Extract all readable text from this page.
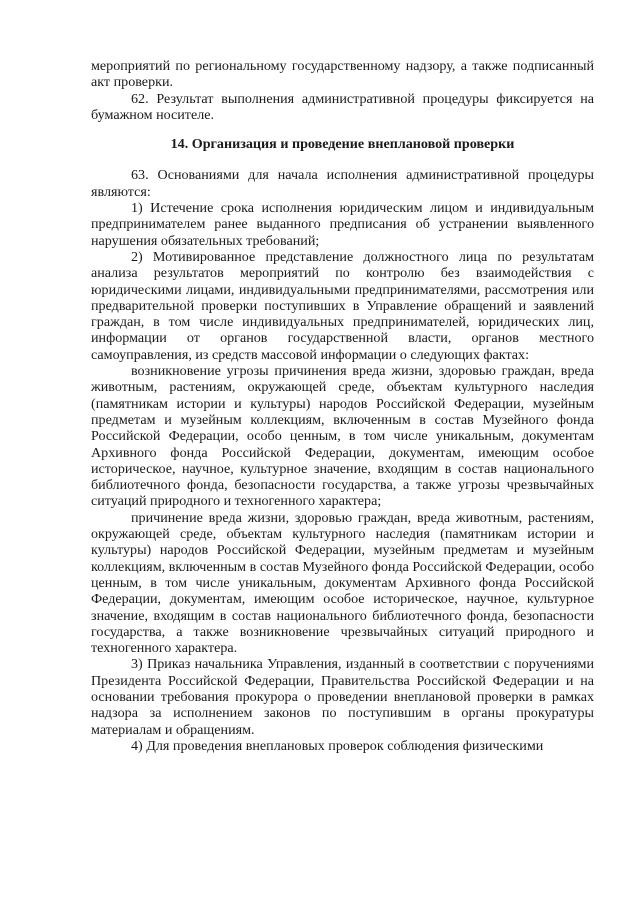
мероприятий по региональному государственному надзору, а также подписанный акт проверки.

62. Результат выполнения административной процедуры фиксируется на бумажном носителе.

14. Организация и проведение внеплановой проверки

63. Основаниями для начала исполнения административной процедуры являются:

1) Истечение срока исполнения юридическим лицом и индивидуальным предпринимателем ранее выданного предписания об устранении выявленного нарушения обязательных требований;

2) Мотивированное представление должностного лица по результатам анализа результатов мероприятий по контролю без взаимодействия с юридическими лицами, индивидуальными предпринимателями, рассмотрения или предварительной проверки поступивших в Управление обращений и заявлений граждан, в том числе индивидуальных предпринимателей, юридических лиц, информации от органов государственной власти, органов местного самоуправления, из средств массовой информации о следующих фактах:

возникновение угрозы причинения вреда жизни, здоровью граждан, вреда животным, растениям, окружающей среде, объектам культурного наследия (памятникам истории и культуры) народов Российской Федерации, музейным предметам и музейным коллекциям, включенным в состав Музейного фонда Российской Федерации, особо ценным, в том числе уникальным, документам Архивного фонда Российской Федерации, документам, имеющим особое историческое, научное, культурное значение, входящим в состав национального библиотечного фонда, безопасности государства, а также угрозы чрезвычайных ситуаций природного и техногенного характера;

причинение вреда жизни, здоровью граждан, вреда животным, растениям, окружающей среде, объектам культурного наследия (памятникам истории и культуры) народов Российской Федерации, музейным предметам и музейным коллекциям, включенным в состав Музейного фонда Российской Федерации, особо ценным, в том числе уникальным, документам Архивного фонда Российской Федерации, документам, имеющим особое историческое, научное, культурное значение, входящим в состав национального библиотечного фонда, безопасности государства, а также возникновение чрезвычайных ситуаций природного и техногенного характера.

3) Приказ начальника Управления, изданный в соответствии с поручениями Президента Российской Федерации, Правительства Российской Федерации и на основании требования прокурора о проведении внеплановой проверки в рамках надзора за исполнением законов по поступившим в органы прокуратуры материалам и обращениям.

4) Для проведения внеплановых проверок соблюдения физическими
